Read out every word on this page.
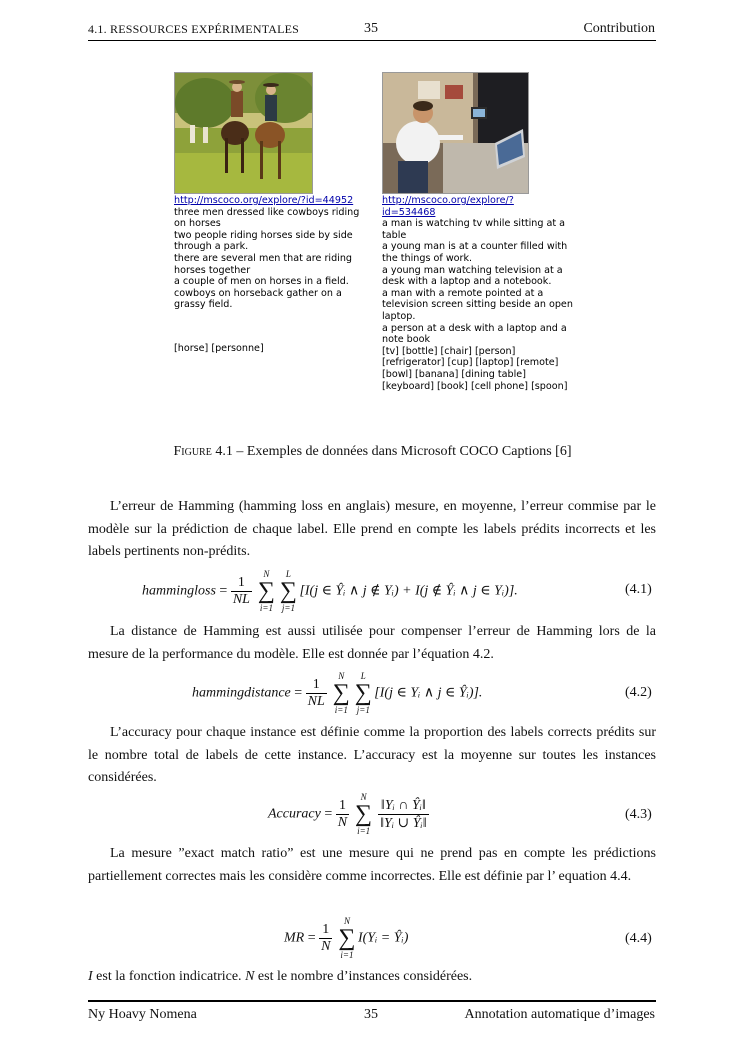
4.1. RESSOURCES EXPÉRIMENTALES	35	Contribution
http://mscoco.org/explore/?id=44952
three men dressed like cowboys riding on horses
two people riding horses side by side through a park.
there are several men that are riding horses together
a couple of men on horses in a field.
cowboys on horseback gather on a grassy field.
[horse] [personne]
http://mscoco.org/explore/?
id=534468
a man is watching tv while sitting at a table
a young man is at a counter filled with the things of work.
a young man watching television at a desk with a laptop and a notebook.
a man with a remote pointed at a television screen sitting beside an open laptop.
a person at a desk with a laptop and a note book
[tv] [bottle] [chair] [person] [refrigerator] [cup] [laptop] [remote] [bowl] [banana] [dining table] [keyboard] [book] [cell phone] [spoon]
Figure 4.1 – Exemples de données dans Microsoft COCO Captions [6]

L’erreur de Hamming (hamming loss en anglais) mesure, en moyenne, l’erreur commise par le modèle sur la prédiction de chaque label. Elle prend en compte les labels prédits incorrects et les labels pertinents non-prédits.

hammingloss = $\frac{1}{NL}$

N
∑
i=1
L
∑
j=1
[I(j ∈ Ŷᵢ ∧ j ∉ Yᵢ) + I(j ∉ Ŷᵢ ∧ j ∈ Yᵢ)].	(4.1)

La distance de Hamming est aussi utilisée pour compenser l’erreur de Hamming lors de la mesure de la performance du modèle. Elle est donnée par l’équation 4.2.

hammingdistance = $\frac{1}{NL}$

N
∑
i=1
L
∑
j=1
[I(j ∈ Yᵢ ∧ j ∈ Ŷᵢ)].	(4.2)

L’accuracy pour chaque instance est définie comme la proportion des labels corrects prédits sur le nombre total de labels de cette instance. L’accuracy est la moyenne sur toutes les instances considérées.

Accuracy = $\frac{1}{N}$

N
∑
i=1
$\frac{\text{‖Yᵢ ∩ Ŷᵢ‖}}{\text{‖Yᵢ ∪ Ŷᵢ‖}}$	(4.3)

La mesure ”exact match ratio” est une mesure qui ne prend pas en compte les prédictions partiellement correctes mais les considère comme incorrectes. Elle est définie par l’ equation 4.4.

MR = $\frac{1}{N}$

N
∑
i=1
I(Yᵢ = Ŷᵢ)	(4.4)

I est la fonction indicatrice. N est le nombre d’instances considérées.

Ny Hoavy Nomena	35	Annotation automatique d’images
